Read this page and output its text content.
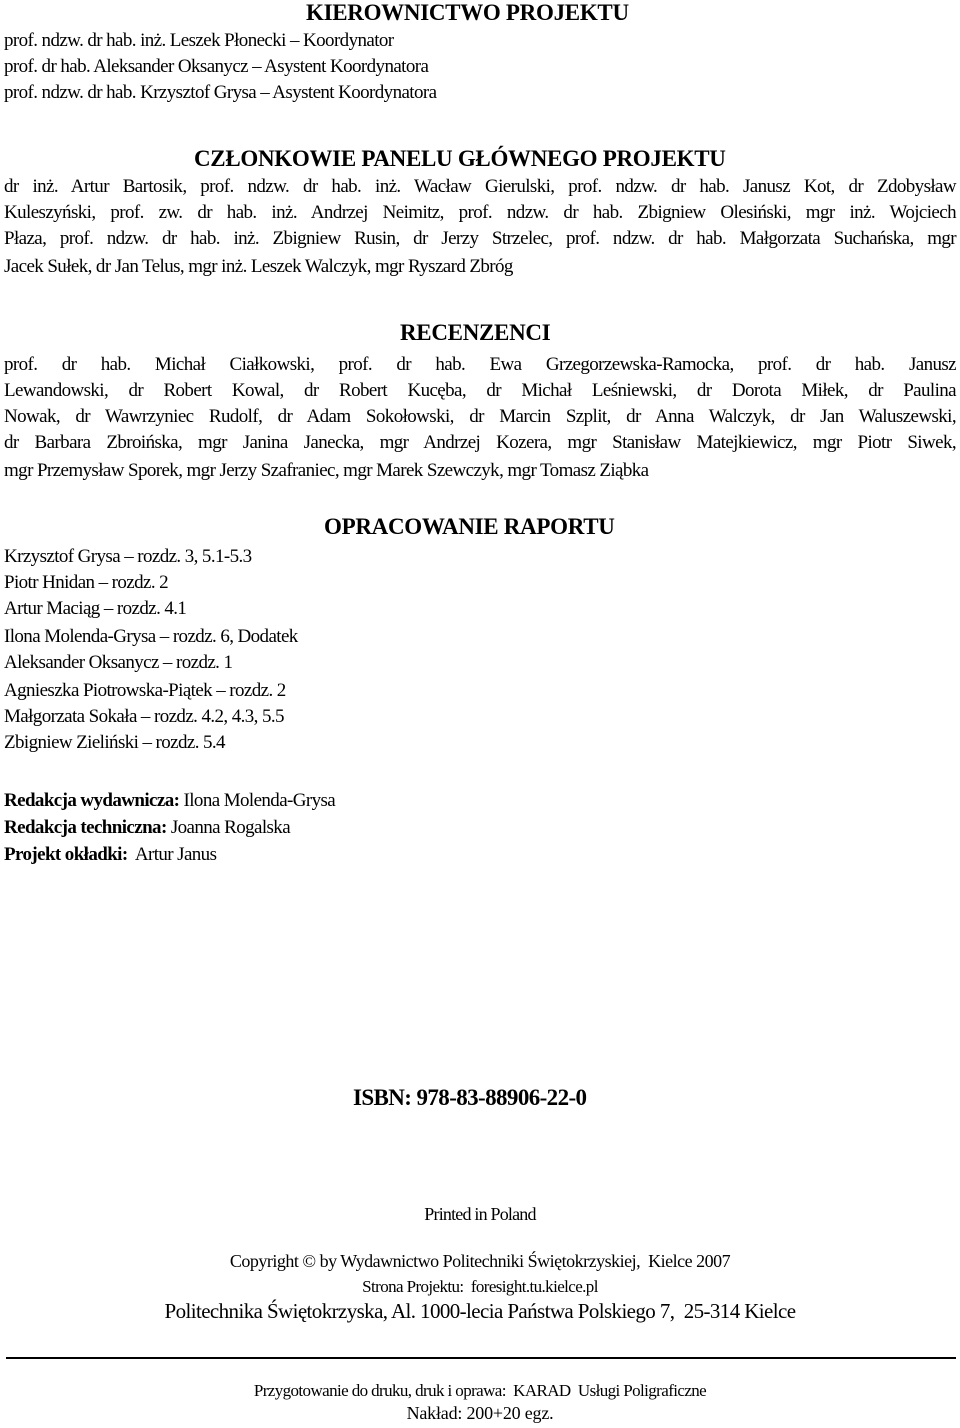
KIEROWNICTWO PROJEKTU
prof. ndzw. dr hab. inż. Leszek Płonecki – Koordynator
prof. dr hab. Aleksander Oksanycz – Asystent Koordynatora
prof. ndzw. dr hab. Krzysztof Grysa – Asystent Koordynatora
CZŁONKOWIE PANELU GŁÓWNEGO PROJEKTU
dr inż. Artur Bartosik, prof. ndzw. dr hab. inż. Wacław Gierulski, prof. ndzw. dr hab. Janusz Kot, dr Zdobysław
Kuleszyński, prof. zw. dr hab. inż. Andrzej Neimitz, prof. ndzw. dr hab. Zbigniew Olesiński, mgr inż. Wojciech
Płaza, prof. ndzw. dr hab. inż. Zbigniew Rusin, dr Jerzy Strzelec, prof. ndzw. dr hab. Małgorzata Suchańska, mgr
Jacek Sułek, dr Jan Telus, mgr inż. Leszek Walczyk, mgr Ryszard Zbróg
RECENZENCI
prof. dr hab. Michał Ciałkowski, prof. dr hab. Ewa Grzegorzewska-Ramocka, prof. dr hab. Janusz
Lewandowski, dr Robert Kowal, dr Robert Kucęba, dr Michał Leśniewski, dr Dorota Miłek, dr Paulina
Nowak, dr Wawrzyniec Rudolf, dr Adam Sokołowski, dr Marcin Szplit, dr Anna Walczyk, dr Jan Waluszewski,
dr Barbara Zbroińska, mgr Janina Janecka, mgr Andrzej Kozera, mgr Stanisław Matejkiewicz, mgr Piotr Siwek,
mgr Przemysław Sporek, mgr Jerzy Szafraniec, mgr Marek Szewczyk, mgr Tomasz Ziąbka
OPRACOWANIE RAPORTU
Krzysztof Grysa – rozdz. 3, 5.1-5.3
Piotr Hnidan – rozdz. 2
Artur Maciąg – rozdz. 4.1
Ilona Molenda-Grysa – rozdz. 6, Dodatek
Aleksander Oksanycz – rozdz. 1
Agnieszka Piotrowska-Piątek – rozdz. 2
Małgorzata Sokała – rozdz. 4.2, 4.3, 5.5
Zbigniew Zieliński – rozdz. 5.4
Redakcja wydawnicza: Ilona Molenda-Grysa
Redakcja techniczna: Joanna Rogalska
Projekt okładki:  Artur Janus
ISBN: 978-83-88906-22-0
Printed in Poland
Copyright © by Wydawnictwo Politechniki Świętokrzyskiej,  Kielce 2007
Strona Projektu:  foresight.tu.kielce.pl
Politechnika Świętokrzyska, Al. 1000-lecia Państwa Polskiego 7,  25-314 Kielce
Przygotowanie do druku, druk i oprawa:  KARAD  Usługi Poligraficzne
Nakład: 200+20 egz.
